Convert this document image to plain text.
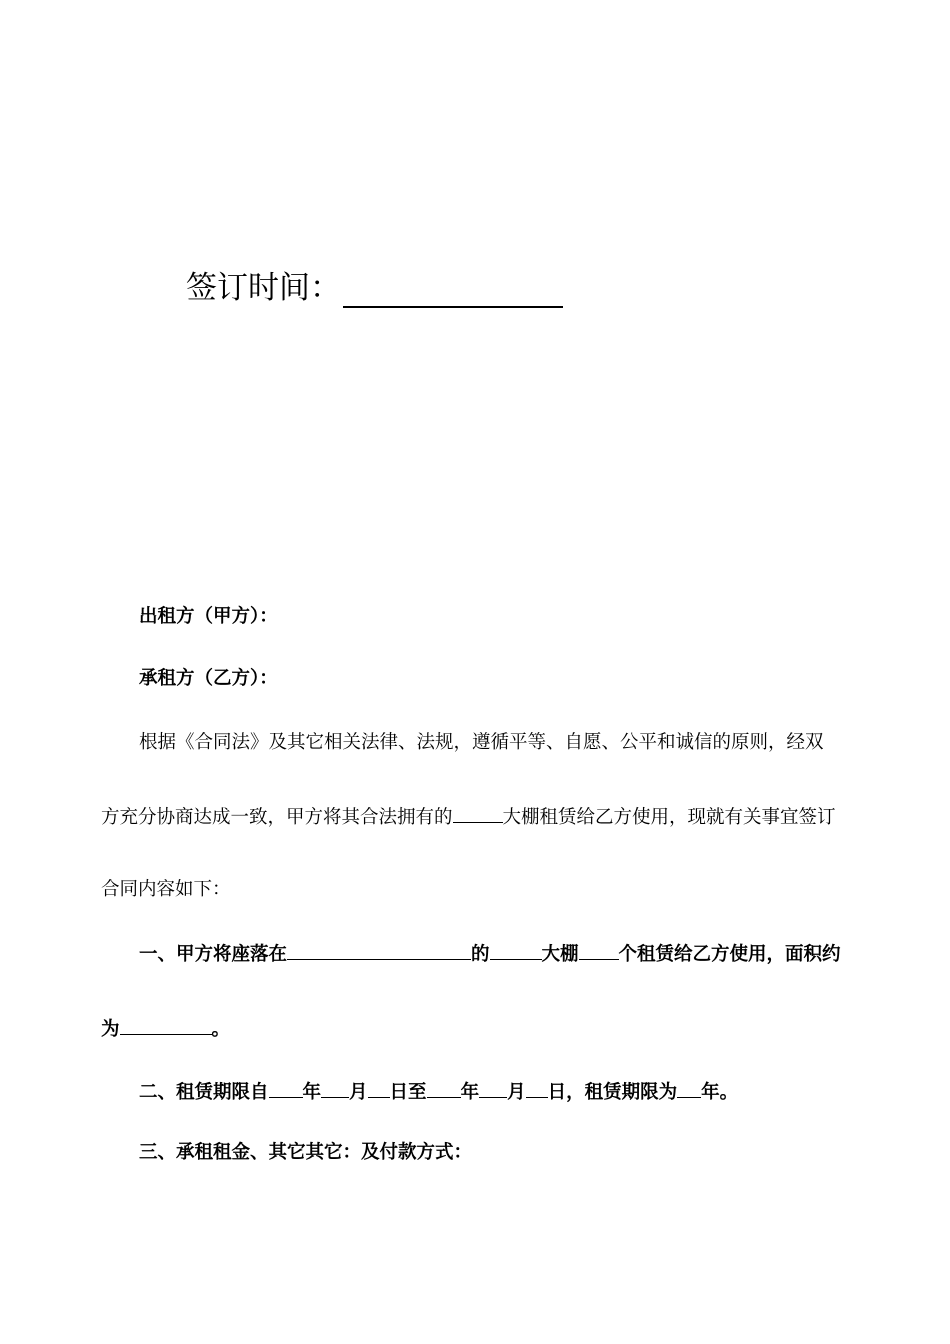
签订时间：
出租方（甲方）：
承租方（乙方）：
根据《合同法》及其它相关法律、法规，遵循平等、自愿、公平和诚信的原则，经双
方充分协商达成一致，甲方将其合法拥有的	大棚租赁给乙方使用，现就有关事宜签订
合同内容如下：
一、甲方将座落在	的	大棚 个租赁给乙方使用，面积约
为	。
二、租赁期限自 年 月 日至 年 月 日，租赁期限为 年。
三、承租租金、其它其它：及付款方式：
